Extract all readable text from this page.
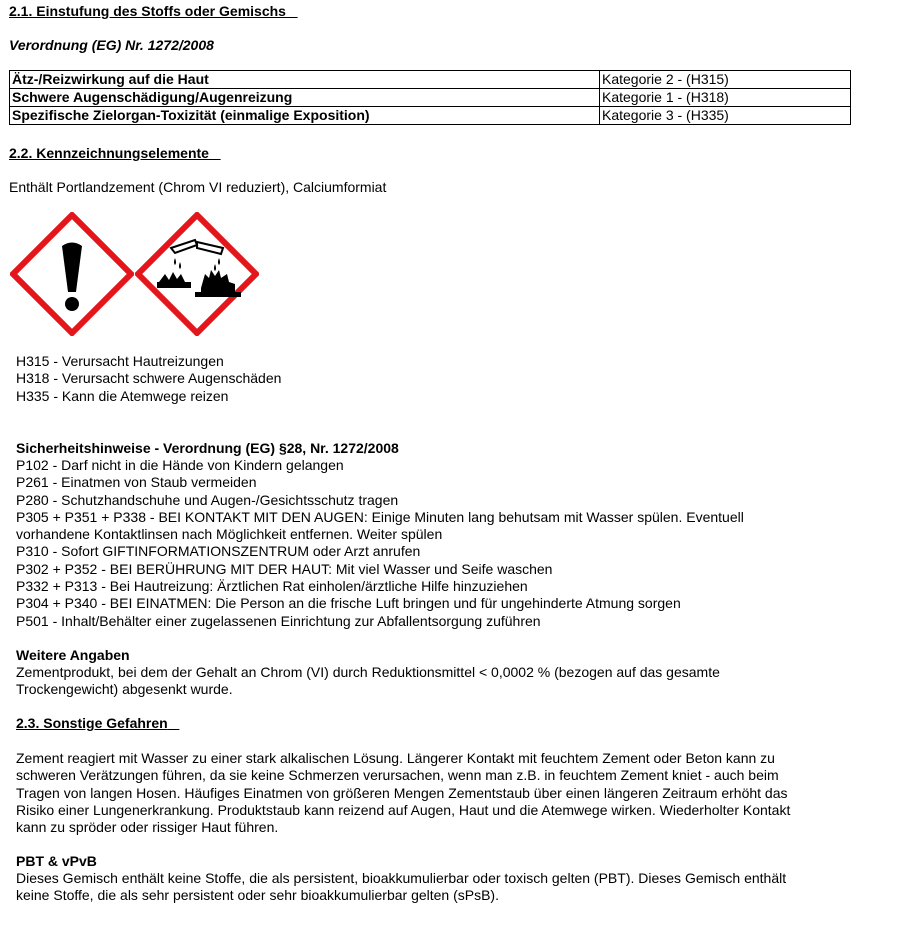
2.1. Einstufung des Stoffs oder Gemischs
Verordnung (EG) Nr. 1272/2008
Ätz-/Reizwirkung auf die Haut	Kategorie 2 - (H315)
Schwere Augenschädigung/Augenreizung	Kategorie 1 - (H318)
Spezifische Zielorgan-Toxizität (einmalige Exposition)	Kategorie 3 - (H335)
2.2. Kennzeichnungselemente
Enthält Portlandzement (Chrom VI reduziert), Calciumformiat
H315 - Verursacht Hautreizungen
H318 - Verursacht schwere Augenschäden
H335 - Kann die Atemwege reizen
Sicherheitshinweise - Verordnung (EG) §28, Nr. 1272/2008
P102 - Darf nicht in die Hände von Kindern gelangen
P261 - Einatmen von Staub vermeiden
P280 - Schutzhandschuhe und Augen-/Gesichtsschutz tragen
P305 + P351 + P338 - BEI KONTAKT MIT DEN AUGEN: Einige Minuten lang behutsam mit Wasser spülen. Eventuell
vorhandene Kontaktlinsen nach Möglichkeit entfernen. Weiter spülen
P310 - Sofort GIFTINFORMATIONSZENTRUM oder Arzt anrufen
P302 + P352 - BEI BERÜHRUNG MIT DER HAUT: Mit viel Wasser und Seife waschen
P332 + P313 - Bei Hautreizung: Ärztlichen Rat einholen/ärztliche Hilfe hinzuziehen
P304 + P340 - BEI EINATMEN: Die Person an die frische Luft bringen und für ungehinderte Atmung sorgen
P501 - Inhalt/Behälter einer zugelassenen Einrichtung zur Abfallentsorgung zuführen
Weitere Angaben
Zementprodukt, bei dem der Gehalt an Chrom (VI) durch Reduktionsmittel < 0,0002 % (bezogen auf das gesamte
Trockengewicht) abgesenkt wurde.
2.3. Sonstige Gefahren
Zement reagiert mit Wasser zu einer stark alkalischen Lösung. Längerer Kontakt mit feuchtem Zement oder Beton kann zu
schweren Verätzungen führen, da sie keine Schmerzen verursachen, wenn man z.B. in feuchtem Zement kniet - auch beim
Tragen von langen Hosen. Häufiges Einatmen von größeren Mengen Zementstaub über einen längeren Zeitraum erhöht das
Risiko einer Lungenerkrankung. Produktstaub kann reizend auf Augen, Haut und die Atemwege wirken. Wiederholter Kontakt
kann zu spröder oder rissiger Haut führen.
PBT & vPvB
Dieses Gemisch enthält keine Stoffe, die als persistent, bioakkumulierbar oder toxisch gelten (PBT). Dieses Gemisch enthält
keine Stoffe, die als sehr persistent oder sehr bioakkumulierbar gelten (sPsB).
